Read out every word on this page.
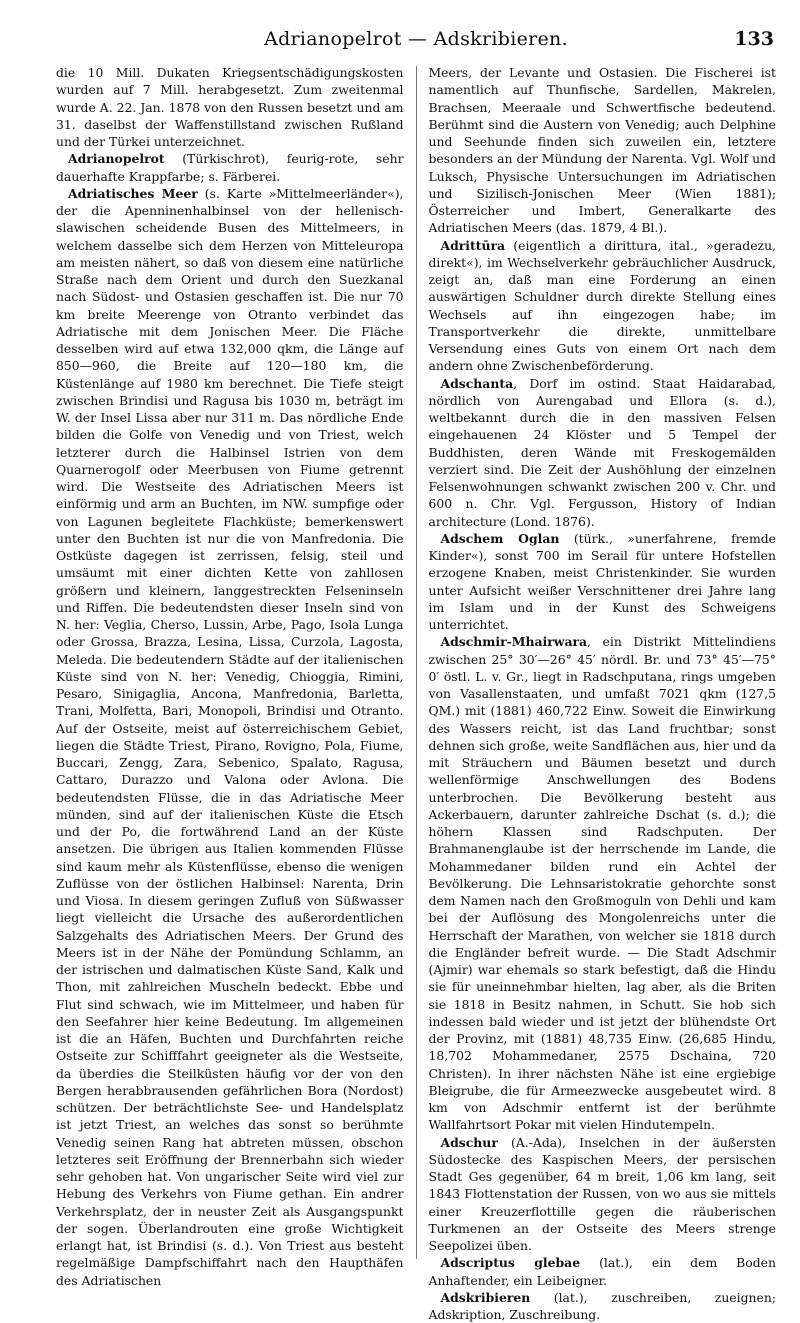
Adrianopelrot — Adskribieren.	133
die 10 Mill. Dukaten Kriegsentschädigungskosten wurden auf 7 Mill. herabgesetzt. Zum zweitenmal wurde A. 22. Jan. 1878 von den Russen besetzt und am 31. daselbst der Waffenstillstand zwischen Rußland und der Türkei unterzeichnet.
Adrianopelrot (Türkischrot), feurig-rote, sehr dauerhafte Krappfarbe; s. Färberei.
Adriatisches Meer (s. Karte »Mittelmeerländer«), der die Apenninenhalbinsel von der hellenisch-slawischen scheidende Busen des Mittelmeers, in welchem dasselbe sich dem Herzen von Mitteleuropa am meisten nähert, so daß von diesem eine natürliche Straße nach dem Orient und durch den Suezkanal nach Südost- und Ostasien geschaffen ist. Die nur 70 km breite Meerenge von Otranto verbindet das Adriatische mit dem Jonischen Meer. Die Fläche desselben wird auf etwa 132,000 qkm, die Länge auf 850—960, die Breite auf 120—180 km, die Küstenlänge auf 1980 km berechnet. Die Tiefe steigt zwischen Brindisi und Ragusa bis 1030 m, beträgt im W. der Insel Lissa aber nur 311 m. Das nördliche Ende bilden die Golfe von Venedig und von Triest, welch letzterer durch die Halbinsel Istrien von dem Quarnerogolf oder Meerbusen von Fiume getrennt wird. Die Westseite des Adriatischen Meers ist einförmig und arm an Buchten, im NW. sumpfige oder von Lagunen begleitete Flachküste; bemerkenswert unter den Buchten ist nur die von Manfredonia. Die Ostküste dagegen ist zerrissen, felsig, steil und umsäumt mit einer dichten Kette von zahllosen größern und kleinern, langgestreckten Felseninseln und Riffen. Die bedeutendsten dieser Inseln sind von N. her: Veglia, Cherso, Lussin, Arbe, Pago, Isola Lunga oder Grossa, Brazza, Lesina, Lissa, Curzola, Lagosta, Meleda. Die bedeutendern Städte auf der italienischen Küste sind von N. her: Venedig, Chioggia, Rimini, Pesaro, Sinigaglia, Ancona, Manfredonia, Barletta, Trani, Molfetta, Bari, Monopoli, Brindisi und Otranto. Auf der Ostseite, meist auf österreichischem Gebiet, liegen die Städte Triest, Pirano, Rovigno, Pola, Fiume, Buccari, Zengg, Zara, Sebenico, Spalato, Ragusa, Cattaro, Durazzo und Valona oder Avlona. Die bedeutendsten Flüsse, die in das Adriatische Meer münden, sind auf der italienischen Küste die Etsch und der Po, die fortwährend Land an der Küste ansetzen. Die übrigen aus Italien kommenden Flüsse sind kaum mehr als Küstenflüsse, ebenso die wenigen Zuflüsse von der östlichen Halbinsel: Narenta, Drin und Viosa. In diesem geringen Zufluß von Süßwasser liegt vielleicht die Ursache des außerordentlichen Salzgehalts des Adriatischen Meers. Der Grund des Meers ist in der Nähe der Pomündung Schlamm, an der istrischen und dalmatischen Küste Sand, Kalk und Thon, mit zahlreichen Muscheln bedeckt. Ebbe und Flut sind schwach, wie im Mittelmeer, und haben für den Seefahrer hier keine Bedeutung. Im allgemeinen ist die an Häfen, Buchten und Durchfahrten reiche Ostseite zur Schifffahrt geeigneter als die Westseite, da überdies die Steilküsten häufig vor der von den Bergen herabbrausenden gefährlichen Bora (Nordost) schützen. Der beträchtlichste See- und Handelsplatz ist jetzt Triest, an welches das sonst so berühmte Venedig seinen Rang hat abtreten müssen, obschon letzteres seit Eröffnung der Brennerbahn sich wieder sehr gehoben hat. Von ungarischer Seite wird viel zur Hebung des Verkehrs von Fiume gethan. Ein andrer Verkehrsplatz, der in neuster Zeit als Ausgangspunkt der sogen. Überlandrouten eine große Wichtigkeit erlangt hat, ist Brindisi (s. d.). Von Triest aus besteht regelmäßige Dampfschiffahrt nach den Haupthäfen des Adriatischen
Meers, der Levante und Ostasien. Die Fischerei ist namentlich auf Thunfische, Sardellen, Makrelen, Brachsen, Meeraale und Schwertfische bedeutend. Berühmt sind die Austern von Venedig; auch Delphine und Seehunde finden sich zuweilen ein, letztere besonders an der Mündung der Narenta. Vgl. Wolf und Luksch, Physische Untersuchungen im Adriatischen und Sizilisch-Jonischen Meer (Wien 1881); Österreicher und Imbert, Generalkarte des Adriatischen Meers (das. 1879, 4 Bl.).
Adrittūra (eigentlich a dirittura, ital., »geradezu, direkt«), im Wechselverkehr gebräuchlicher Ausdruck, zeigt an, daß man eine Forderung an einen auswärtigen Schuldner durch direkte Stellung eines Wechsels auf ihn eingezogen habe; im Transportverkehr die direkte, unmittelbare Versendung eines Guts von einem Ort nach dem andern ohne Zwischenbeförderung.
Adschanta, Dorf im ostind. Staat Haidarabad, nördlich von Aurengabad und Ellora (s. d.), weltbekannt durch die in den massiven Felsen eingehauenen 24 Klöster und 5 Tempel der Buddhisten, deren Wände mit Freskogemälden verziert sind. Die Zeit der Aushöhlung der einzelnen Felsenwohnungen schwankt zwischen 200 v. Chr. und 600 n. Chr. Vgl. Fergusson, History of Indian architecture (Lond. 1876).
Adschem Oglan (türk., »unerfahrene, fremde Kinder«), sonst 700 im Serail für untere Hofstellen erzogene Knaben, meist Christenkinder. Sie wurden unter Aufsicht weißer Verschnittener drei Jahre lang im Islam und in der Kunst des Schweigens unterrichtet.
Adschmir-Mhairwara, ein Distrikt Mittelindiens zwischen 25° 30′—26° 45′ nördl. Br. und 73° 45′—75° 0′ östl. L. v. Gr., liegt in Radschputana, rings umgeben von Vasallenstaaten, und umfaßt 7021 qkm (127,5 QM.) mit (1881) 460,722 Einw. Soweit die Einwirkung des Wassers reicht, ist das Land fruchtbar; sonst dehnen sich große, weite Sandflächen aus, hier und da mit Sträuchern und Bäumen besetzt und durch wellenförmige Anschwellungen des Bodens unterbrochen. Die Bevölkerung besteht aus Ackerbauern, darunter zahlreiche Dschat (s. d.); die höhern Klassen sind Radschputen. Der Brahmanenglaube ist der herrschende im Lande, die Mohammedaner bilden rund ein Achtel der Bevölkerung. Die Lehnsaristokratie gehorchte sonst dem Namen nach den Großmoguln von Dehli und kam bei der Auflösung des Mongolenreichs unter die Herrschaft der Marathen, von welcher sie 1818 durch die Engländer befreit wurde. — Die Stadt Adschmir (Ajmir) war ehemals so stark befestigt, daß die Hindu sie für uneinnehmbar hielten, lag aber, als die Briten sie 1818 in Besitz nahmen, in Schutt. Sie hob sich indessen bald wieder und ist jetzt der blühendste Ort der Provinz, mit (1881) 48,735 Einw. (26,685 Hindu, 18,702 Mohammedaner, 2575 Dschaina, 720 Christen). In ihrer nächsten Nähe ist eine ergiebige Bleigrube, die für Armeezwecke ausgebeutet wird. 8 km von Adschmir entfernt ist der berühmte Wallfahrtsort Pokar mit vielen Hindutempeln.
Adschur (A.-Ada), Inselchen in der äußersten Südostecke des Kaspischen Meers, der persischen Stadt Ges gegenüber, 64 m breit, 1,06 km lang, seit 1843 Flottenstation der Russen, von wo aus sie mittels einer Kreuzerflottille gegen die räuberischen Turkmenen an der Ostseite des Meers strenge Seepolizei üben.
Adscriptus glebae (lat.), ein dem Boden Anhaftender, ein Leibeigner.
Adskribieren (lat.), zuschreiben, zueignen; Adskription, Zuschreibung.
